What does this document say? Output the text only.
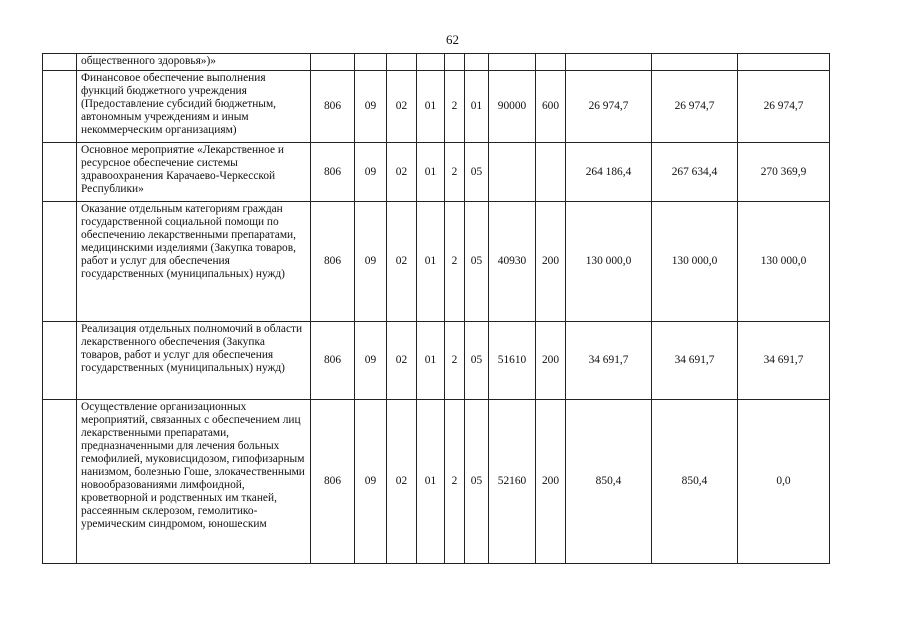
62
	общественного здоровья»)»											
	Финансовое обеспечение выполнения функций бюджетного учреждения (Предоставление субсидий бюджетным, автономным учреждениям и иным некоммерческим организациям)	806	09	02	01	2	01	90000	600	26 974,7	26 974,7	26 974,7
	Основное мероприятие «Лекарственное и ресурсное обеспечение системы здравоохранения Карачаево-Черкесской Республики»	806	09	02	01	2	05			264 186,4	267 634,4	270 369,9
	Оказание отдельным категориям граждан государственной социальной помощи по обеспечению лекарственными препаратами, медицинскими изделиями (Закупка товаров, работ и услуг для обеспечения государственных (муниципальных) нужд)	806	09	02	01	2	05	40930	200	130 000,0	130 000,0	130 000,0
	Реализация отдельных полномочий в области лекарственного обеспечения (Закупка товаров, работ и услуг для обеспечения государственных (муниципальных) нужд)	806	09	02	01	2	05	51610	200	34 691,7	34 691,7	34 691,7
	Осуществление организационных мероприятий, связанных с обеспечением лиц лекарственными препаратами, предназначенными для лечения больных гемофилией, муковисцидозом, гипофизарным нанизмом, болезнью Гоше, злокачественными новообразованиями лимфоидной, кроветворной и родственных им тканей, рассеянным склерозом, гемолитико-уремическим синдромом, юношеским	806	09	02	01	2	05	52160	200	850,4	850,4	0,0
